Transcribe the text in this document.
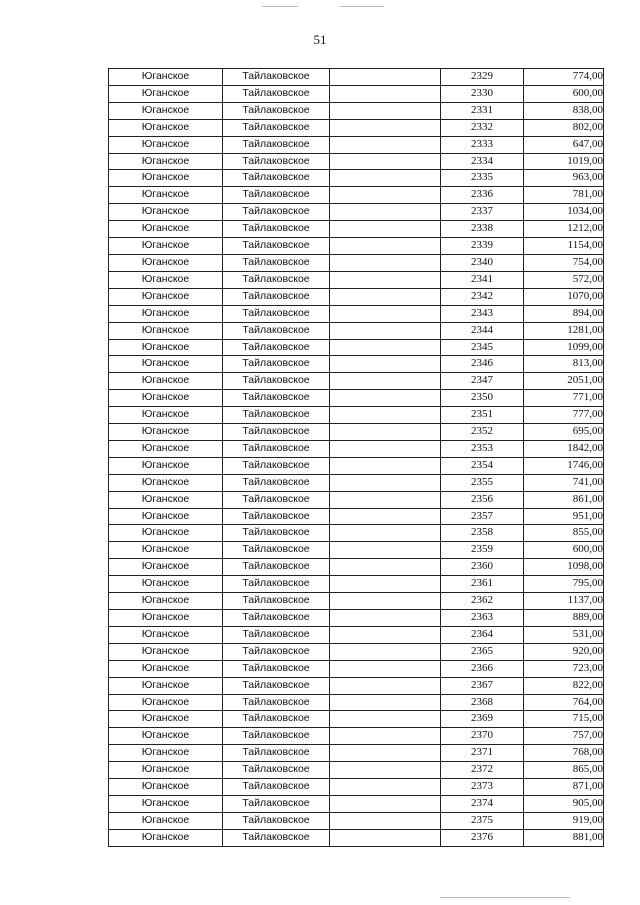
51
Юганское	Тайлаковское		2329	774,00
Юганское	Тайлаковское		2330	600,00
Юганское	Тайлаковское		2331	838,00
Юганское	Тайлаковское		2332	802,00
Юганское	Тайлаковское		2333	647,00
Юганское	Тайлаковское		2334	1019,00
Юганское	Тайлаковское		2335	963,00
Юганское	Тайлаковское		2336	781,00
Юганское	Тайлаковское		2337	1034,00
Юганское	Тайлаковское		2338	1212,00
Юганское	Тайлаковское		2339	1154,00
Юганское	Тайлаковское		2340	754,00
Юганское	Тайлаковское		2341	572,00
Юганское	Тайлаковское		2342	1070,00
Юганское	Тайлаковское		2343	894,00
Юганское	Тайлаковское		2344	1281,00
Юганское	Тайлаковское		2345	1099,00
Юганское	Тайлаковское		2346	813,00
Юганское	Тайлаковское		2347	2051,00
Юганское	Тайлаковское		2350	771,00
Юганское	Тайлаковское		2351	777,00
Юганское	Тайлаковское		2352	695,00
Юганское	Тайлаковское		2353	1842,00
Юганское	Тайлаковское		2354	1746,00
Юганское	Тайлаковское		2355	741,00
Юганское	Тайлаковское		2356	861,00
Юганское	Тайлаковское		2357	951,00
Юганское	Тайлаковское		2358	855,00
Юганское	Тайлаковское		2359	600,00
Юганское	Тайлаковское		2360	1098,00
Юганское	Тайлаковское		2361	795,00
Юганское	Тайлаковское		2362	1137,00
Юганское	Тайлаковское		2363	889,00
Юганское	Тайлаковское		2364	531,00
Юганское	Тайлаковское		2365	920,00
Юганское	Тайлаковское		2366	723,00
Юганское	Тайлаковское		2367	822,00
Юганское	Тайлаковское		2368	764,00
Юганское	Тайлаковское		2369	715,00
Юганское	Тайлаковское		2370	757,00
Юганское	Тайлаковское		2371	768,00
Юганское	Тайлаковское		2372	865,00
Юганское	Тайлаковское		2373	871,00
Юганское	Тайлаковское		2374	905,00
Юганское	Тайлаковское		2375	919,00
Юганское	Тайлаковское		2376	881,00
